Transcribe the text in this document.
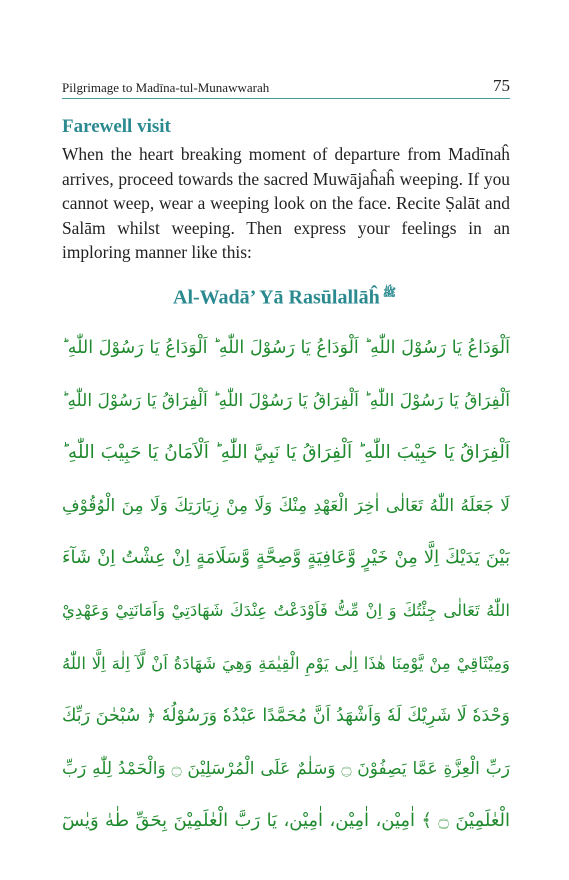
Pilgrimage to Madīna-tul-Munawwarah	75
Farewell visit
When the heart breaking moment of departure from Madīnaĥ arrives, proceed towards the sacred Muwājaĥaĥ weeping. If you cannot weep, wear a weeping look on the face. Recite Ṣalāt and Salām whilst weeping. Then express your feelings in an imploring manner like this:
Al-Wadā’ Yā Rasūlallāĥ ﷺ
اَلْوَدَاعُ يَا رَسُوْلَ اللّٰهِ ؕ اَلْوَدَاعُ يَا رَسُوْلَ اللّٰهِ ؕ اَلْوَدَاعُ يَا رَسُوْلَ اللّٰهِ ؕ
اَلْفِرَاقُ يَا رَسُوْلَ اللّٰهِ ؕ اَلْفِرَاقُ يَا رَسُوْلَ اللّٰهِ ؕ اَلْفِرَاقُ يَا رَسُوْلَ اللّٰهِ ؕ
اَلْفِرَاقُ يَا حَبِيْبَ اللّٰهِ ؕ اَلْفِرَاقُ يَا نَبِيَّ اللّٰهِ ؕ اَلْاَمَانُ يَا حَبِيْبَ اللّٰهِ ؕ
لَا جَعَلَهُ اللّٰهُ تَعَالٰى اٰخِرَ الْعَهْدِ مِنْكَ وَلَا مِنْ زِيَارَتِكَ وَلَا مِنَ الْوُقُوْفِ
بَيْنَ يَدَيْكَ اِلَّا مِنْ خَيْرٍ وَّعَافِيَةٍ وَّصِحَّةٍ وَّسَلَامَةٍ اِنْ عِشْتُ اِنْ شَآءَ
اللّٰهُ تَعَالٰى جِئْتُكَ وَ اِنْ مِّتُّ فَاَوْدَعْتُ عِنْدَكَ شَهَادَتِيْ وَاَمَانَتِيْ وَعَهْدِيْ
وَمِيْثَاقِيْ مِنْ يَّوْمِنَا هٰذَا اِلٰى يَوْمِ الْقِيٰمَةِ وَهِيَ شَهَادَةُ اَنْ لَّآ اِلٰهَ اِلَّا اللّٰهُ
وَحْدَهٗ لَا شَرِيْكَ لَهٗ وَاَشْهَدُ اَنَّ مُحَمَّدًا عَبْدُهٗ وَرَسُوْلُهٗ ﴿ سُبْحٰنَ رَبِّكَ
رَبِّ الْعِزَّةِ عَمَّا يَصِفُوْنَ ۝ وَسَلٰمٌ عَلَى الْمُرْسَلِيْنَ ۝ وَالْحَمْدُ لِلّٰهِ رَبِّ
الْعٰلَمِيْنَ ۝ ﴾ اٰمِيْن، اٰمِيْن، اٰمِيْن، يَا رَبَّ الْعٰلَمِيْنَ بِحَقِّ طٰهٰ وَيٰسٓ
